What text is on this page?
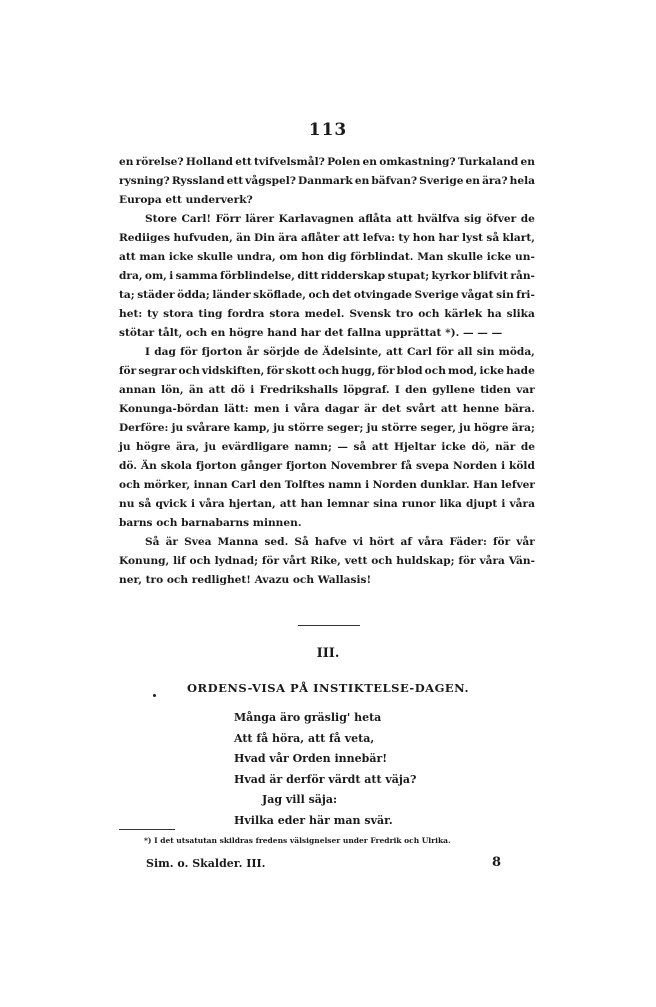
113
en rörelse? Holland ett tvifvelsmål? Polen en omkastning? Turkaland en
rysning? Ryssland ett vågspel? Danmark en bäfvan? Sverige en ära? hela
Europa ett underverk?
Store Carl! Förr lärer Karlavagnen aflåta att hvälfva sig öfver de
Rediiges hufvuden, än Din ära aflåter att lefva: ty hon har lyst så klart,
att man icke skulle undra, om hon dig förblindat. Man skulle icke un-
dra, om, i samma förblindelse, ditt ridderskap stupat; kyrkor blifvit rån-
ta; städer ödda; länder sköflade, och det otvingade Sverige vågat sin fri-
het: ty stora ting fordra stora medel. Svensk tro och kärlek ha slika
stötar tålt, och en högre hand har det fallna upprättat *). — — —
I dag för fjorton år sörjde de Ädelsinte, att Carl för all sin möda,
för segrar och vidskiften, för skott och hugg, för blod och mod, icke hade
annan lön, än att dö i Fredrikshalls löpgraf. I den gyllene tiden var
Konunga-bördan lätt: men i våra dagar är det svårt att henne bära.
Derföre: ju svårare kamp, ju större seger; ju större seger, ju högre ära;
ju högre ära, ju evärdligare namn; — så att Hjeltar icke dö, när de
dö. Än skola fjorton gånger fjorton Novembrer få svepa Norden i köld
och mörker, innan Carl den Tolftes namn i Norden dunklar. Han lefver
nu så qvick i våra hjertan, att han lemnar sina runor lika djupt i våra
barns och barnabarns minnen.
Så är Svea Manna sed. Så hafve vi hört af våra Fäder: för vår
Konung, lif och lydnad; för vårt Rike, vett och huldskap; för våra Vän-
ner, tro och redlighet! Avazu och Wallasis!
III.
ORDENS-VISA PÅ INSTIKTELSE-DAGEN.
Många äro gräslig' heta
Att få höra, att få veta,
Hvad vår Orden innebär!
Hvad är derför värdt att väja?
Jag vill säja:
Hvilka eder här man svär.
*) I det utsatutan skildras fredens välsignelser under Fredrik och Ulrika.
Sim. o. Skalder. III.	8
